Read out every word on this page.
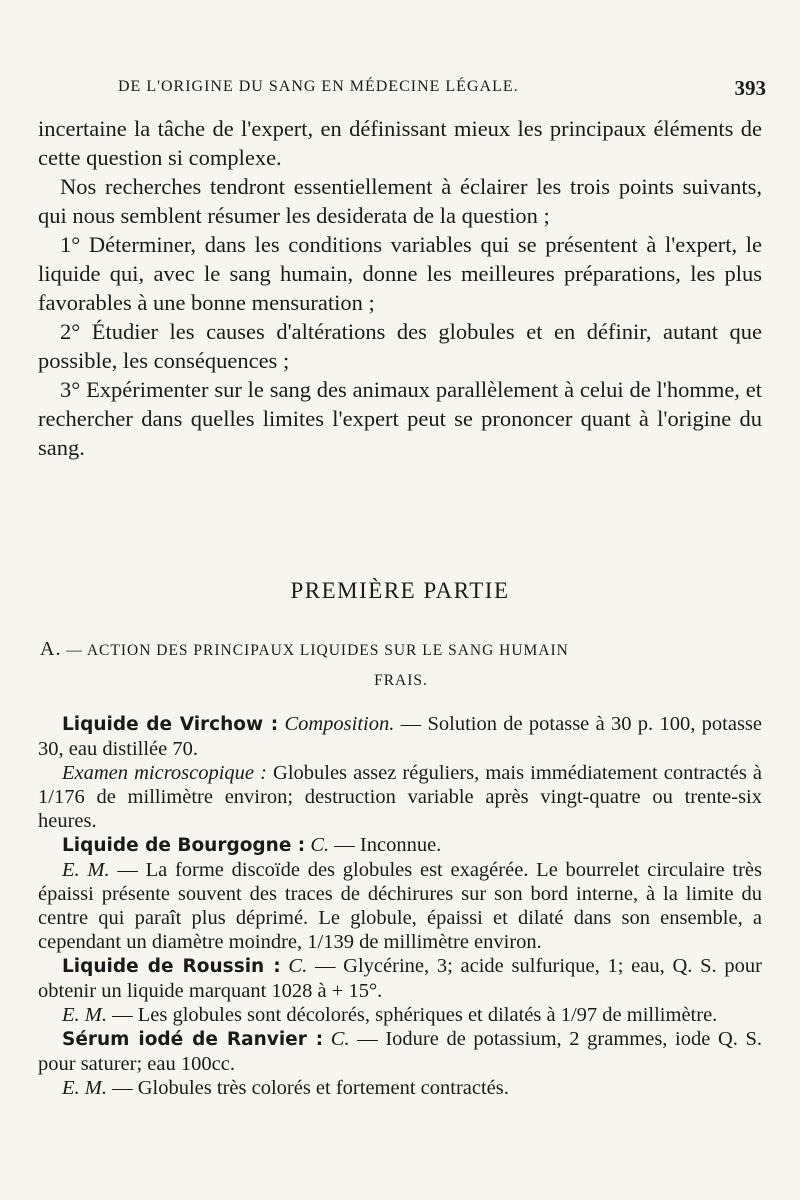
DE L'ORIGINE DU SANG EN MÉDECINE LÉGALE.	393

incertaine la tâche de l'expert, en définissant mieux les principaux éléments de cette question si complexe.

Nos recherches tendront essentiellement à éclairer les trois points suivants, qui nous semblent résumer les desiderata de la question ;

1° Déterminer, dans les conditions variables qui se présentent à l'expert, le liquide qui, avec le sang humain, donne les meilleures préparations, les plus favorables à une bonne mensuration ;

2° Étudier les causes d'altérations des globules et en définir, autant que possible, les conséquences ;

3° Expérimenter sur le sang des animaux parallèlement à celui de l'homme, et rechercher dans quelles limites l'expert peut se prononcer quant à l'origine du sang.

PREMIÈRE PARTIE
A. — ACTION DES PRINCIPAUX LIQUIDES SUR LE SANG HUMAIN
FRAIS.

Liquide de Virchow : Composition. — Solution de potasse à 30 p. 100, potasse 30, eau distillée 70.

Examen microscopique : Globules assez réguliers, mais immédiatement contractés à 1/176 de millimètre environ; destruction variable après vingt-quatre ou trente-six heures.

Liquide de Bourgogne : C. — Inconnue.

E. M. — La forme discoïde des globules est exagérée. Le bourrelet circulaire très épaissi présente souvent des traces de déchirures sur son bord interne, à la limite du centre qui paraît plus déprimé. Le globule, épaissi et dilaté dans son ensemble, a cependant un diamètre moindre, 1/139 de millimètre environ.

Liquide de Roussin : C. — Glycérine, 3; acide sulfurique, 1; eau, Q. S. pour obtenir un liquide marquant 1028 à + 15°.

E. M. — Les globules sont décolorés, sphériques et dilatés à 1/97 de millimètre.

Sérum iodé de Ranvier : C. — Iodure de potassium, 2 grammes, iode Q. S. pour saturer; eau 100cc.

E. M. — Globules très colorés et fortement contractés.
